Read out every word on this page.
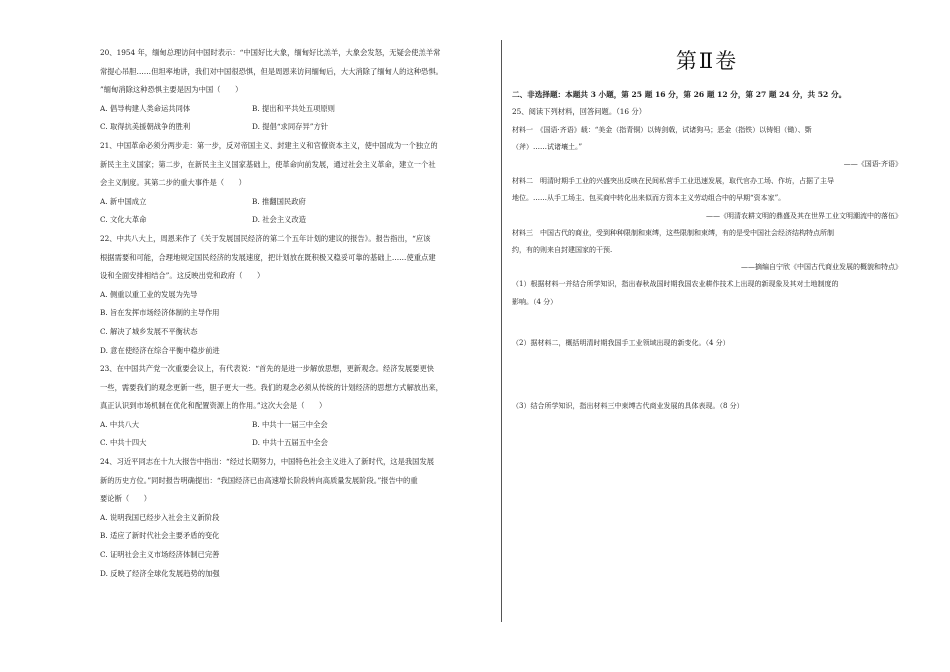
20、1954 年，缅甸总理访问中国时表示：“中国好比大象，缅甸好比羔羊，大象会发怒，无疑会使羔羊常
常提心吊胆……但坦率地讲，我们对中国很恐惧，但是周恩来访问缅甸后，大大消除了缅甸人的这种恐惧。
”缅甸消除这种恐惧主要是因为中国（　　）
A. 倡导构建人类命运共同体	B. 提出和平共处五项原则
C. 取得抗美援朝战争的胜利	D. 提倡“求同存异”方针
21、中国革命必须分两步走：第一步，反对帝国主义、封建主义和官僚资本主义，使中国成为一个独立的
新民主主义国家；第二步，在新民主主义国家基础上，使革命向前发展，通过社会主义革命，建立一个社
会主义制度。其第二步的重大事件是（　　）
A. 新中国成立	B. 推翻国民政府
C. 文化大革命	D. 社会主义改造
22、中共八大上，周恩来作了《关于发展国民经济的第二个五年计划的建议的报告》。报告指出，“应该
根据需要和可能，合理地规定国民经济的发展速度，把计划放在既积极又稳妥可靠的基础上……使重点建
设和全面安排相结合”。这反映出党和政府（　　）
A. 侧重以重工业的发展为先导
B. 旨在发挥市场经济体制的主导作用
C. 解决了城乡发展不平衡状态
D. 意在使经济在综合平衡中稳步前进
23、在中国共产党一次重要会议上，有代表说：“首先的是进一步解放思想，更新观念。经济发展要更快
一些，需要我们的观念更新一些，胆子更大一些。我们的观念必须从传统的计划经济的思想方式解放出来，
真正认识到市场机制在优化和配置资源上的作用。”这次大会是（　　）
A. 中共八大	B. 中共十一届三中全会
C. 中共十四大	D. 中共十五届五中全会
24、习近平同志在十九大报告中指出：“经过长期努力，中国特色社会主义进入了新时代，这是我国发展
新的历史方位。”同时报告明确提出：“我国经济已由高速增长阶段转向高质量发展阶段。”报告中的重
要论断（　　）
A. 说明我国已经步入社会主义新阶段
B. 适应了新时代社会主要矛盾的变化
C. 证明社会主义市场经济体制已完善
D. 反映了经济全球化发展趋势的加强
第Ⅱ卷
二、非选择题：本题共 3 小题，第 25 题 16 分，第 26 题 12 分，第 27 题 24 分，共 52 分。
25、阅读下列材料，回答问题。（16 分）
材料一　《国语·齐语》载：“美金（指青铜）以铸剑戟，试诸狗马；恶金（指铁）以铸钼（锄）、斲
（斧）……试诸壤土。”
——《国语·齐语》
材料二　明清时期手工业的兴盛突出反映在民间私营手工业迅速发展，取代官办工场、作坊，占据了主导
地位。……从手工场主、包买商中转化出来似而方资本主义劳动组合中的早期“资本家”。
——《明清农耕文明的鼎盛及其在世界工业文明潮流中的落伍》
材料三　中国古代的商业，受到种种限制和束缚，这些限制和束缚，有的是受中国社会经济结构特点所制
约，有的则来自封建国家的干预.
——摘编自宁欣《中国古代商业发展的概貌和特点》
（1）根据材料一并结合所学知识，指出春秋战国时期我国农业耕作技术上出现的新现象及其对土地制度的
影响。（4 分）
（2）据材料二，概括明清时期我国手工业领域出现的新变化。（4 分）
（3）结合所学知识，指出材料三中束缚古代商业发展的具体表现。（8 分）
